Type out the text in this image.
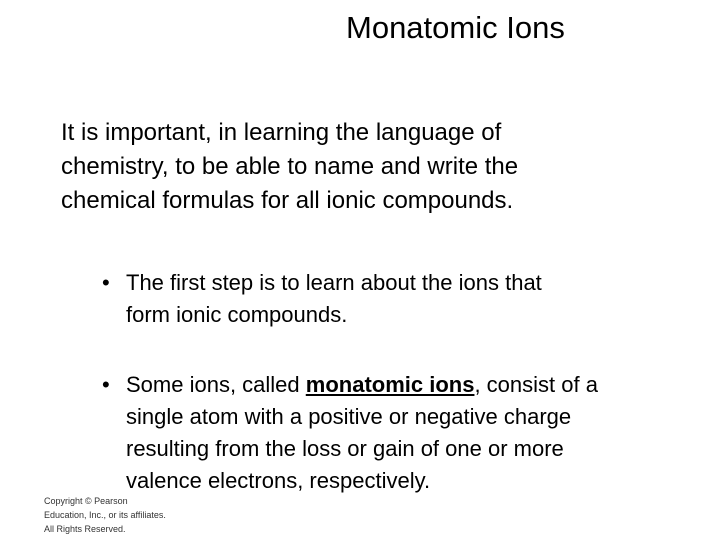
Monatomic Ions

It is important, in learning the language of
chemistry, to be able to name and write the
chemical formulas for all ionic compounds.

• The first step is to learn about the ions that
form ionic compounds.
• Some ions, called monatomic ions, consist of a
single atom with a positive or negative charge
resulting from the loss or gain of one or more
valence electrons, respectively.
Copyright © Pearson
Education, Inc., or its affiliates.
All Rights Reserved.
